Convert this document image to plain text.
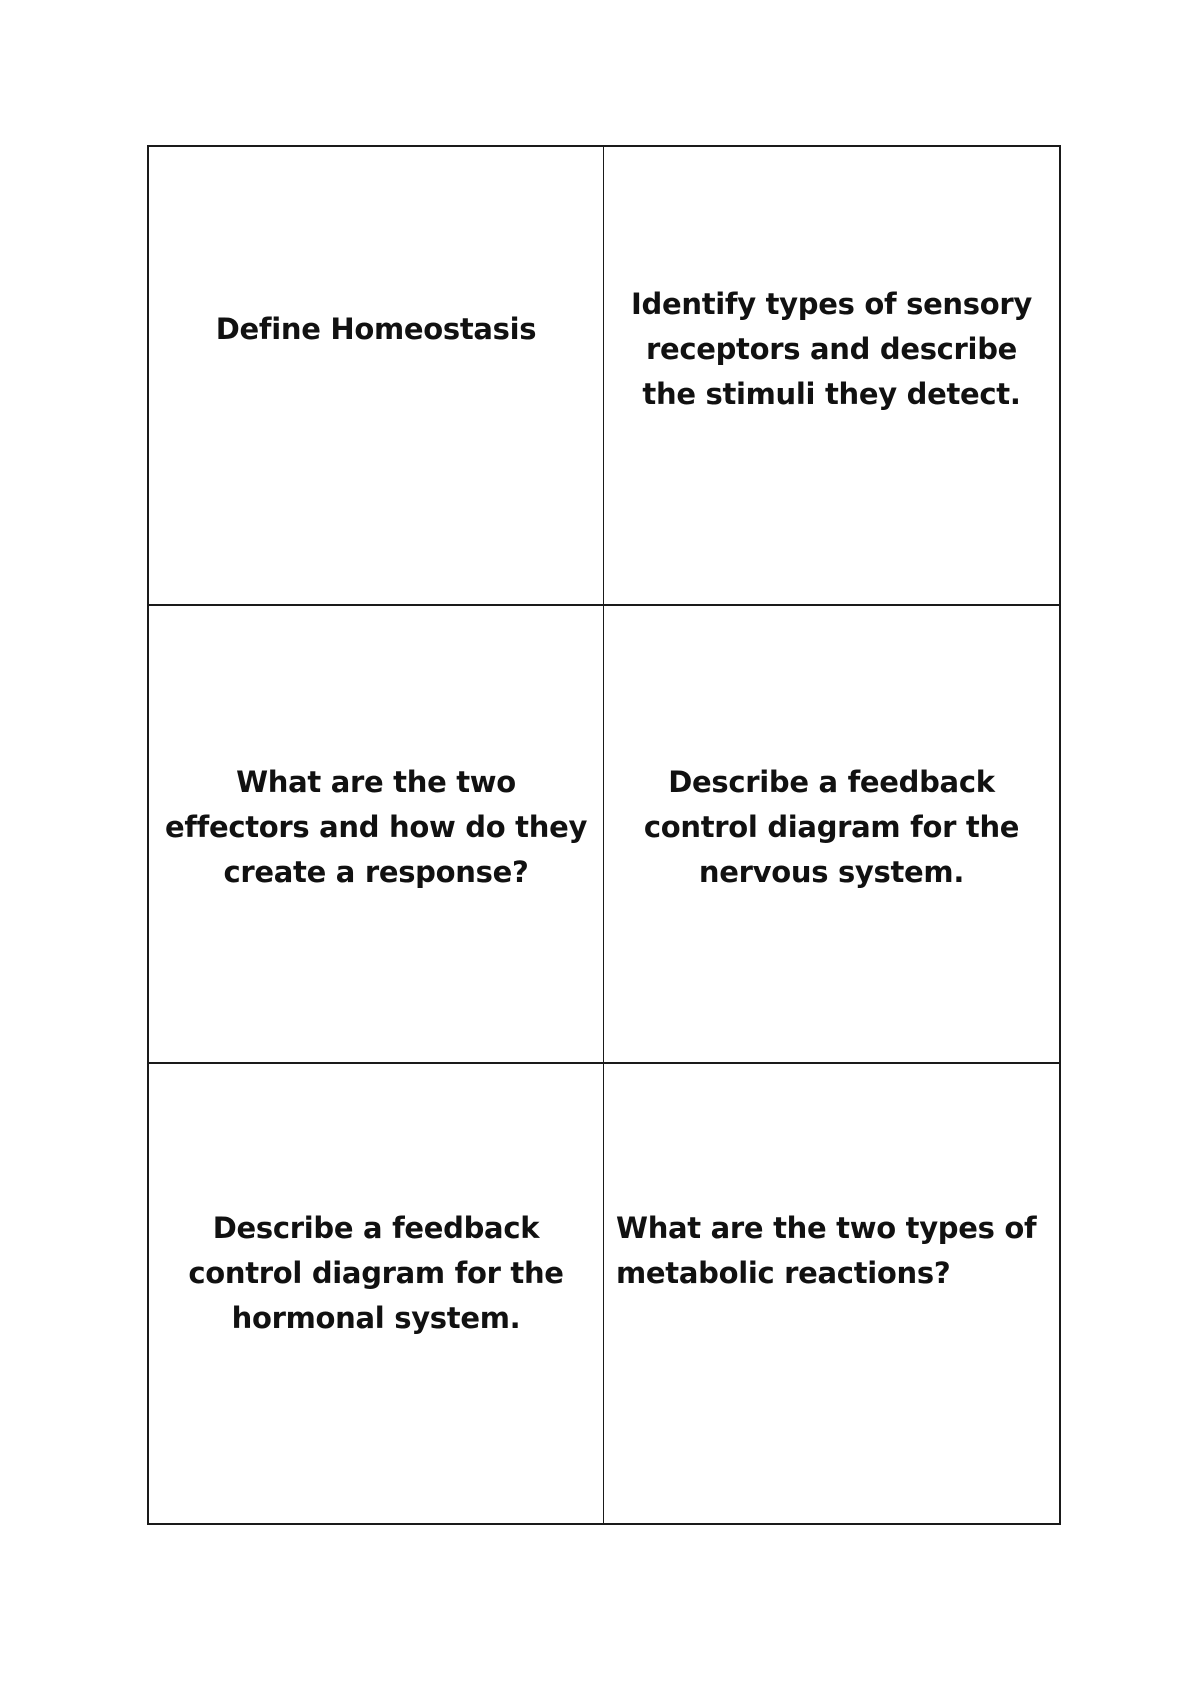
Define Homeostasis
Identify types of sensory
receptors and describe
the stimuli they detect.
What are the two
effectors and how do they
create a response?
Describe a feedback
control diagram for the
nervous system.
Describe a feedback
control diagram for the
hormonal system.
What are the two types of
metabolic reactions?
